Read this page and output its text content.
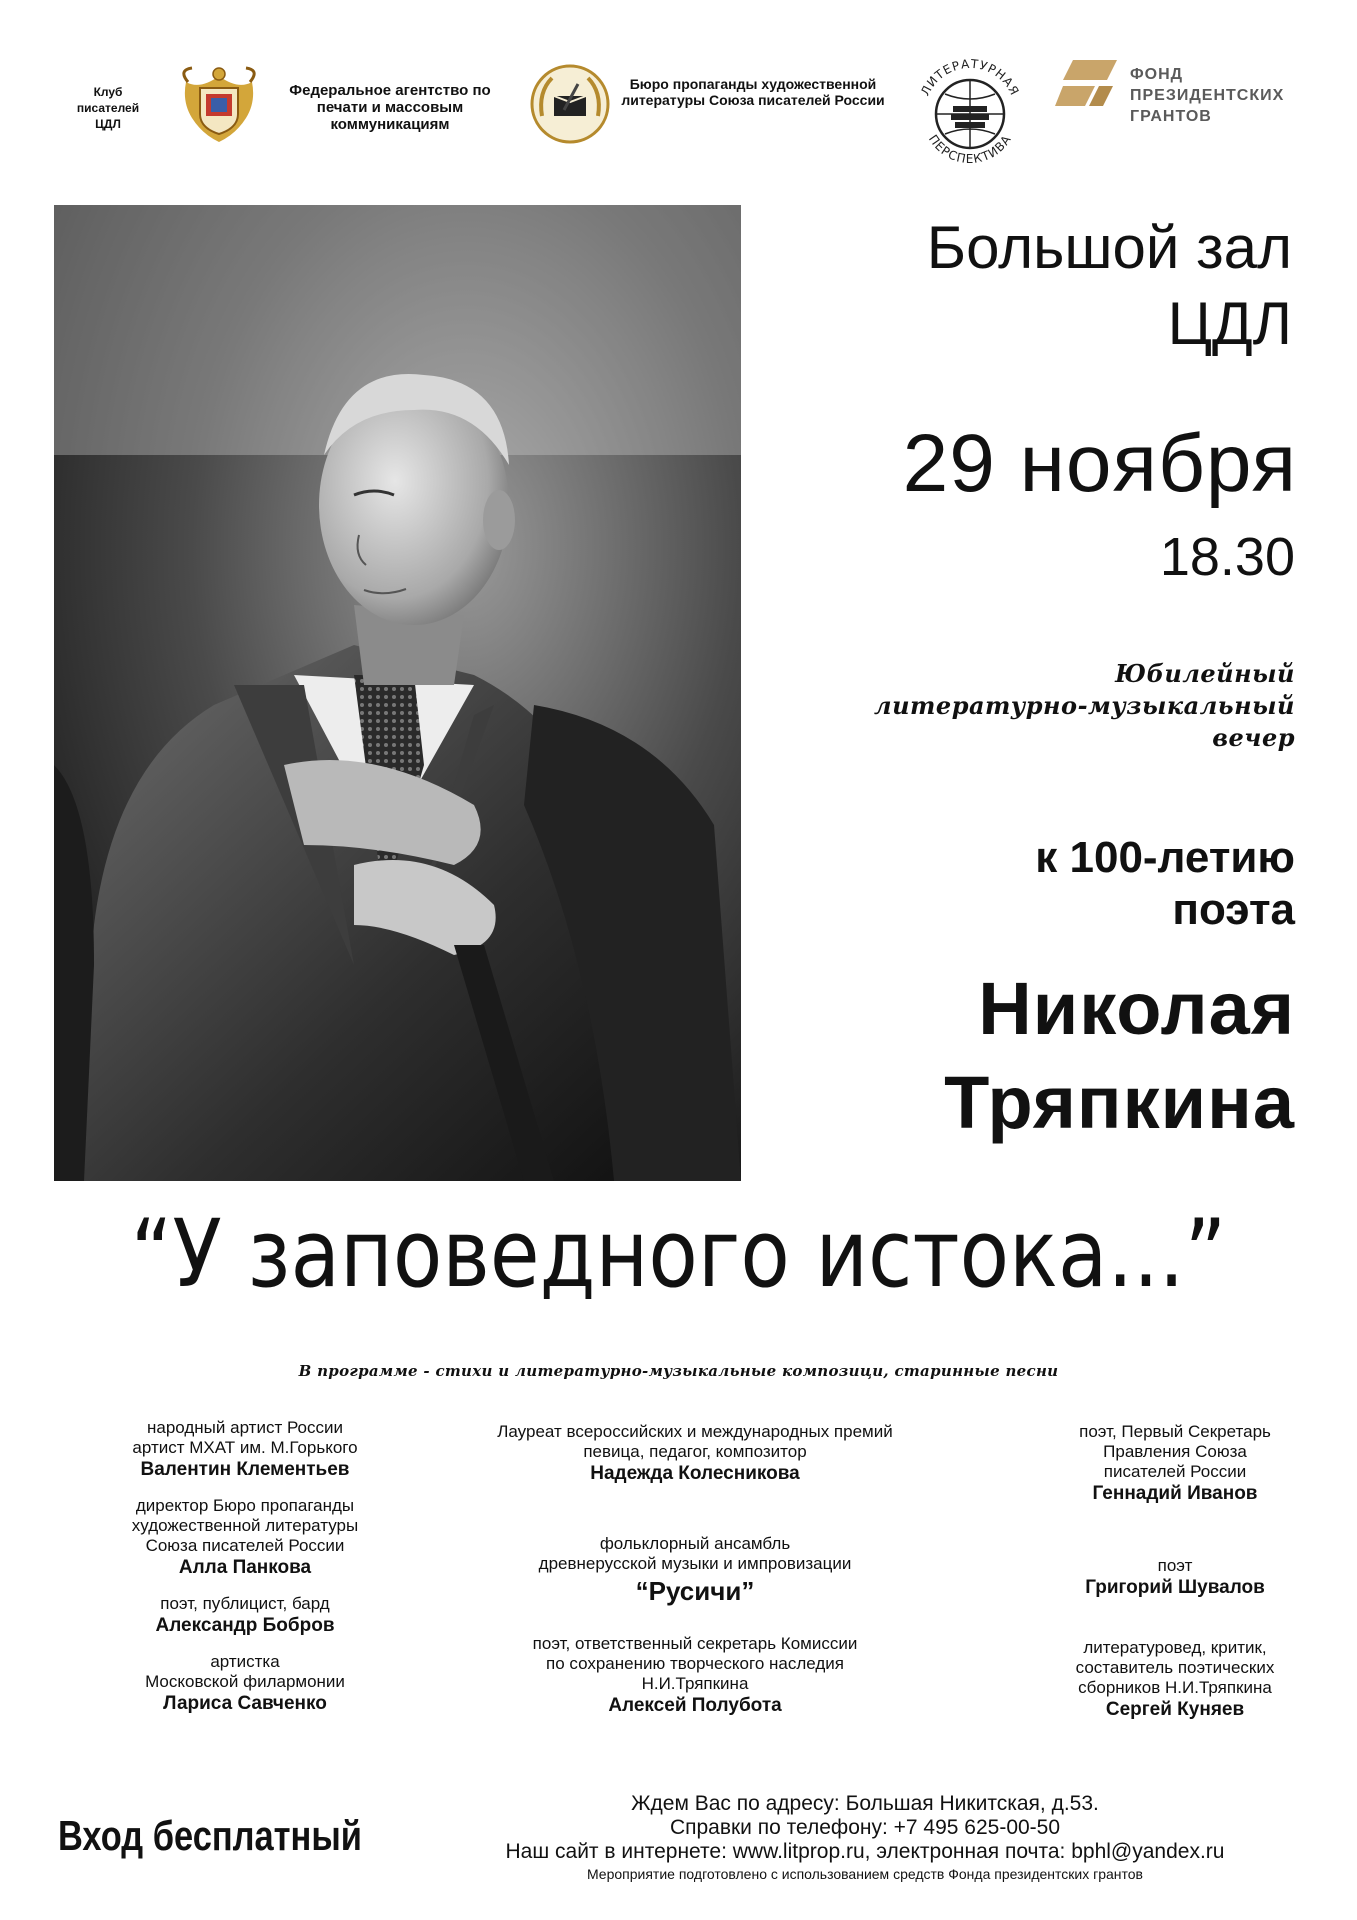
Клуб
писателей
ЦДЛ
Федеральное агентство по печати и массовым коммуникациям
Бюро пропаганды художественной литературы Союза писателей России
ЛИТЕРАТУРНАЯ
ПЕРСПЕКТИВА
ФОНД
ПРЕЗИДЕНТСКИХ
ГРАНТОВ
Большой зал
ЦДЛ
29 ноября
18.30
Юбилейный
литературно-музыкальный
вечер
к 100-летию
поэта
Николая
Тряпкина
“У заповедного истока...”
В программе - стихи и литературно-музыкальные композици, старинные песни
народный артист России
артист МХАТ им. М.Горького
Валентин Клементьев
директор Бюро пропаганды
художественной литературы
Союза писателей России
Алла Панкова
поэт, публицист, бард
Александр Бобров
артистка
Московской филармонии
Лариса Савченко
Лауреат всероссийских и международных премий
певица, педагог, композитор
Надежда Колесникова
фольклорный ансамбль
древнерусской музыки и импровизации
“Русичи”
поэт, ответственный секретарь Комиссии
по сохранению творческого наследия
Н.И.Тряпкина
Алексей Полубота
поэт, Первый Секретарь
Правления Союза
писателей России
Геннадий Иванов
поэт
Григорий Шувалов
литературовед, критик,
составитель поэтических
сборников Н.И.Тряпкина
Сергей Куняев
Вход бесплатный
Ждем Вас по адресу: Большая Никитская, д.53.
Справки по телефону: +7 495 625-00-50
Наш сайт в интернете: www.litprop.ru, электронная почта: bphl@yandex.ru
Мероприятие подготовлено с использованием средств Фонда президентских грантов
